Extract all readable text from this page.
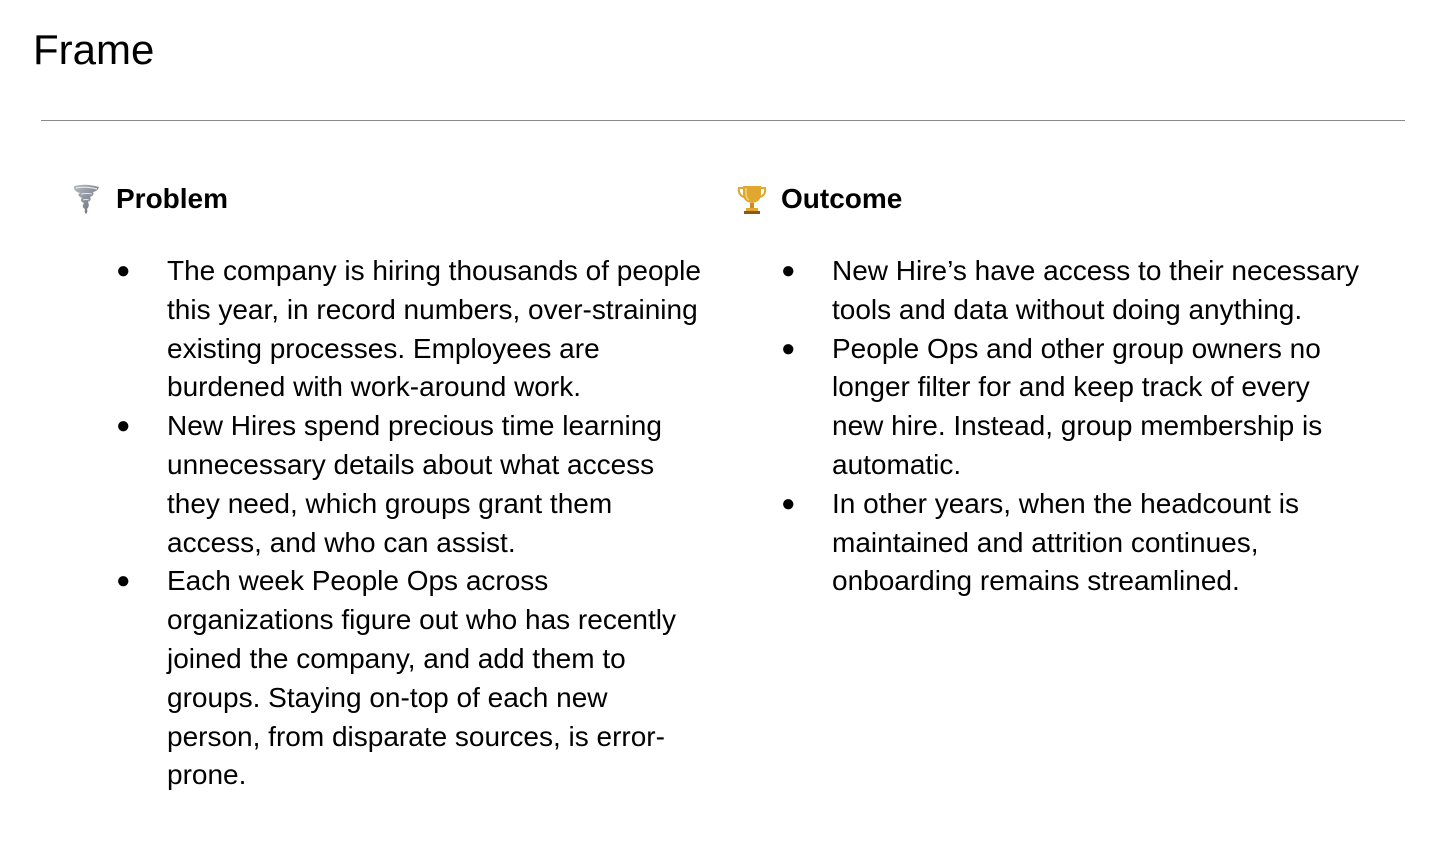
Frame
Problem
● The company is hiring thousands of people this year, in record numbers, over-straining existing processes. Employees are burdened with work-around work.
● New Hires spend precious time learning unnecessary details about what access they need, which groups grant them access, and who can assist.
● Each week People Ops across organizations figure out who has recently joined the company, and add them to groups. Staying on-top of each new person, from disparate sources, is error-prone.
Outcome
● New Hire’s have access to their necessary tools and data without doing anything.
● People Ops and other group owners no longer filter for and keep track of every new hire. Instead, group membership is automatic.
● In other years, when the headcount is maintained and attrition continues, onboarding remains streamlined.
